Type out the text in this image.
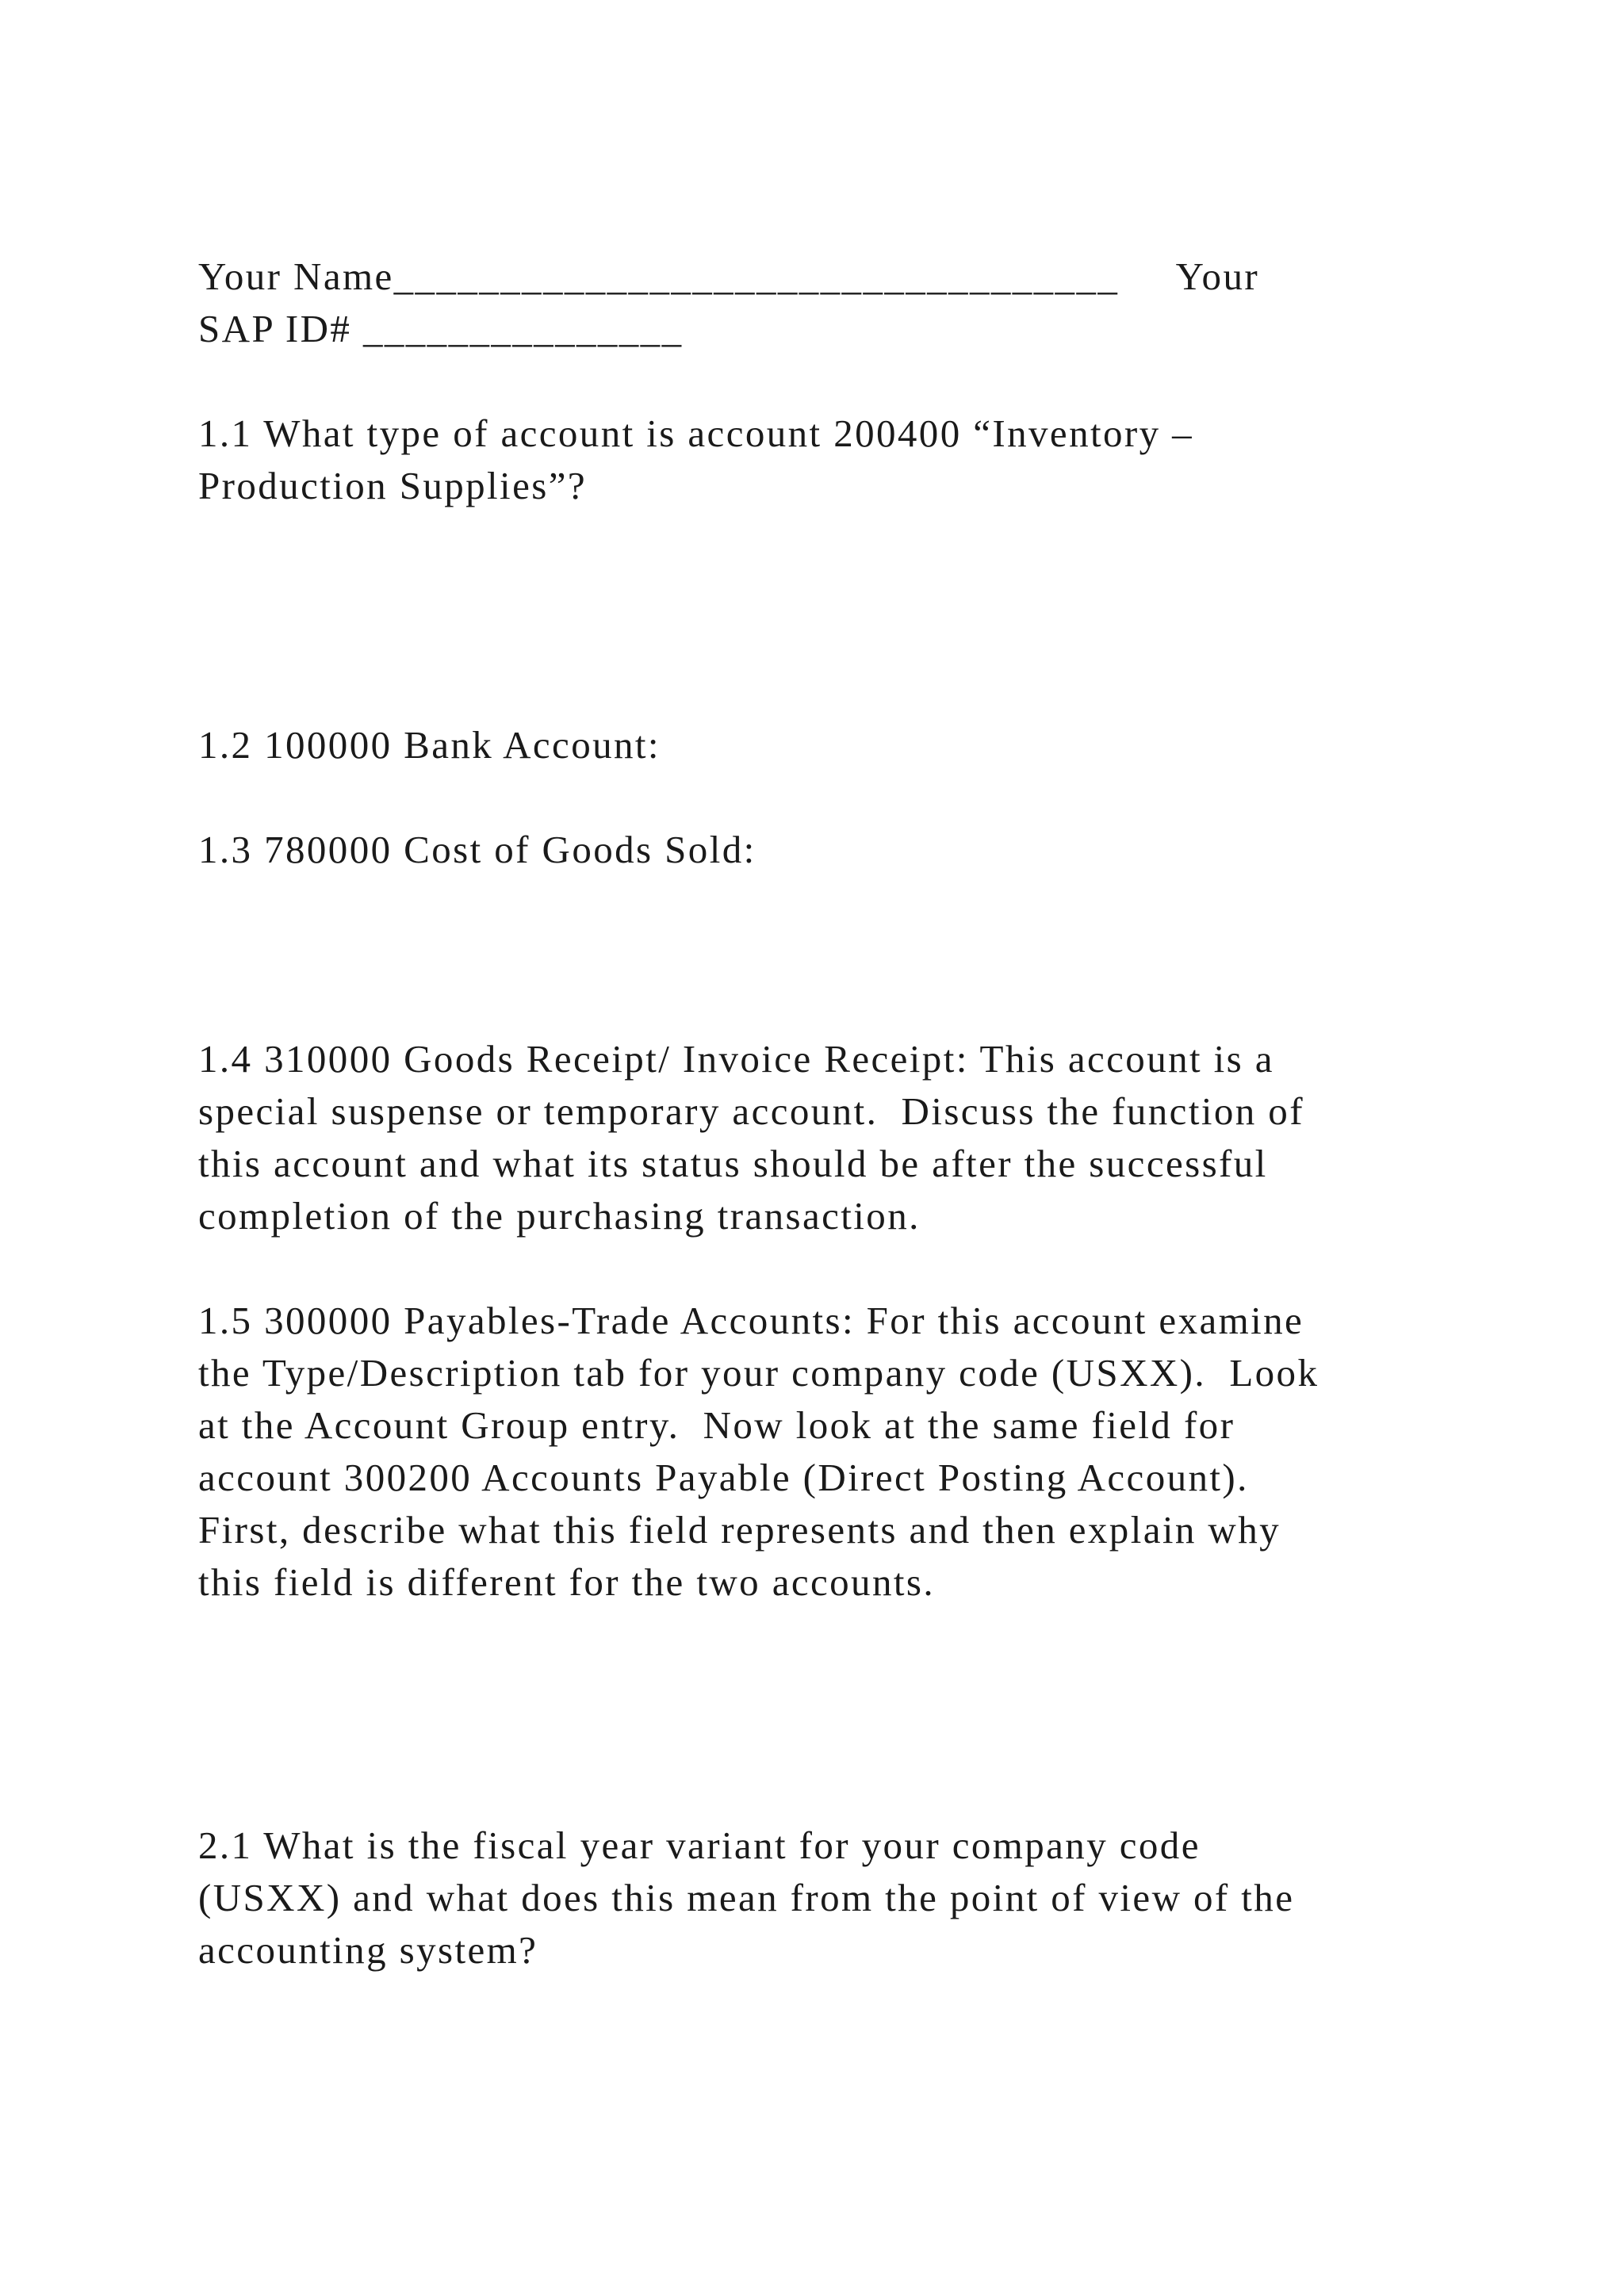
Your Name__________________________________     Your

SAP ID# _______________

1.1 What type of account is account 200400 “Inventory –

Production Supplies”?

1.2 100000 Bank Account:

1.3 780000 Cost of Goods Sold:

1.4 310000 Goods Receipt/ Invoice Receipt: This account is a

special suspense or temporary account.  Discuss the function of

this account and what its status should be after the successful

completion of the purchasing transaction.

1.5 300000 Payables-Trade Accounts: For this account examine

the Type/Description tab for your company code (USXX).  Look

at the Account Group entry.  Now look at the same field for

account 300200 Accounts Payable (Direct Posting Account).

First, describe what this field represents and then explain why

this field is different for the two accounts.

2.1 What is the fiscal year variant for your company code

(USXX) and what does this mean from the point of view of the

accounting system?
